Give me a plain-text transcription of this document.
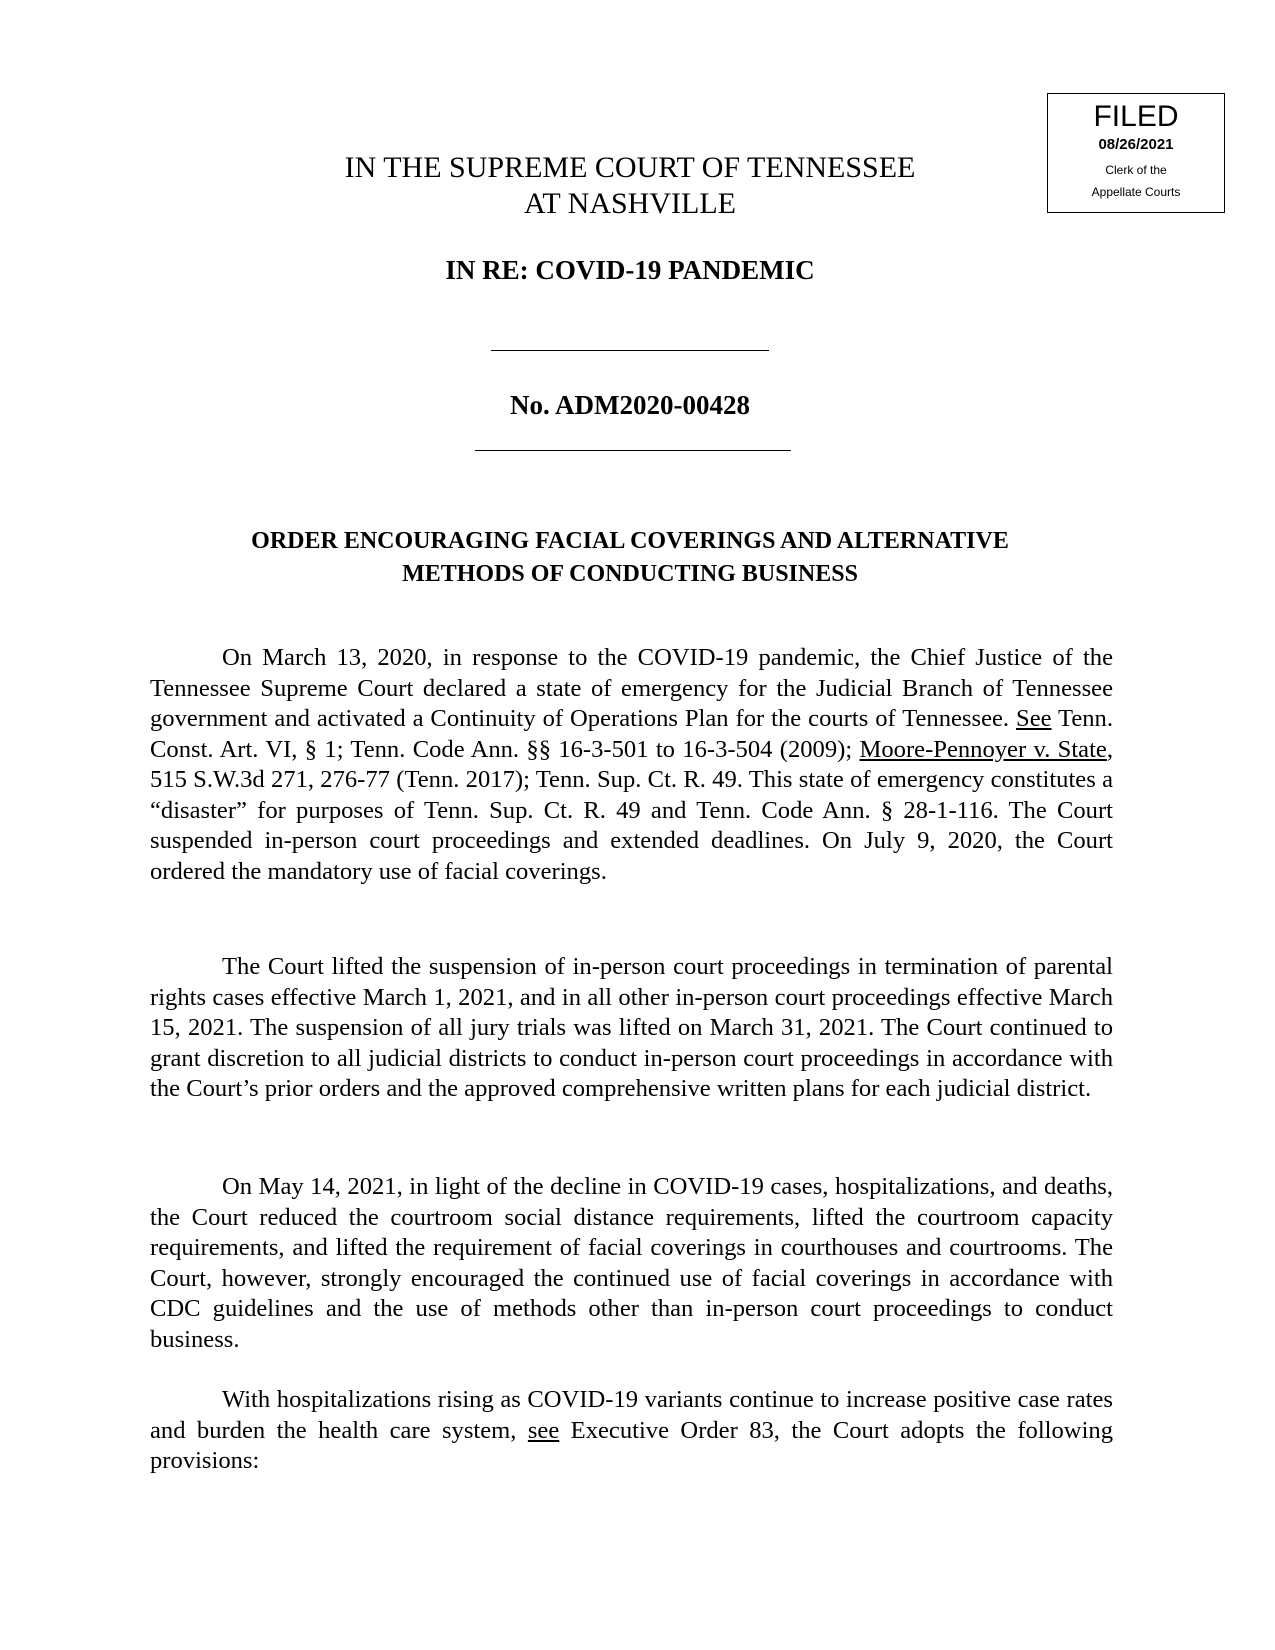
FILED
08/26/2021
Clerk of the
Appellate Courts
IN THE SUPREME COURT OF TENNESSEE
AT NASHVILLE
IN RE: COVID-19 PANDEMIC
No. ADM2020-00428
ORDER ENCOURAGING FACIAL COVERINGS AND ALTERNATIVE
METHODS OF CONDUCTING BUSINESS

On March 13, 2020, in response to the COVID-19 pandemic, the Chief Justice of the Tennessee Supreme Court declared a state of emergency for the Judicial Branch of Tennessee government and activated a Continuity of Operations Plan for the courts of Tennessee. See Tenn. Const. Art. VI, § 1; Tenn. Code Ann. §§ 16-3-501 to 16-3-504 (2009); Moore-Pennoyer v. State, 515 S.W.3d 271, 276-77 (Tenn. 2017); Tenn. Sup. Ct. R. 49. This state of emergency constitutes a “disaster” for purposes of Tenn. Sup. Ct. R. 49 and Tenn. Code Ann. § 28-1-116. The Court suspended in-person court proceedings and extended deadlines. On July 9, 2020, the Court ordered the mandatory use of facial coverings.

The Court lifted the suspension of in-person court proceedings in termination of parental rights cases effective March 1, 2021, and in all other in-person court proceedings effective March 15, 2021. The suspension of all jury trials was lifted on March 31, 2021. The Court continued to grant discretion to all judicial districts to conduct in-person court proceedings in accordance with the Court’s prior orders and the approved comprehensive written plans for each judicial district.

On May 14, 2021, in light of the decline in COVID-19 cases, hospitalizations, and deaths, the Court reduced the courtroom social distance requirements, lifted the courtroom capacity requirements, and lifted the requirement of facial coverings in courthouses and courtrooms. The Court, however, strongly encouraged the continued use of facial coverings in accordance with CDC guidelines and the use of methods other than in-person court proceedings to conduct business.

With hospitalizations rising as COVID-19 variants continue to increase positive case rates and burden the health care system, see Executive Order 83, the Court adopts the following provisions:
